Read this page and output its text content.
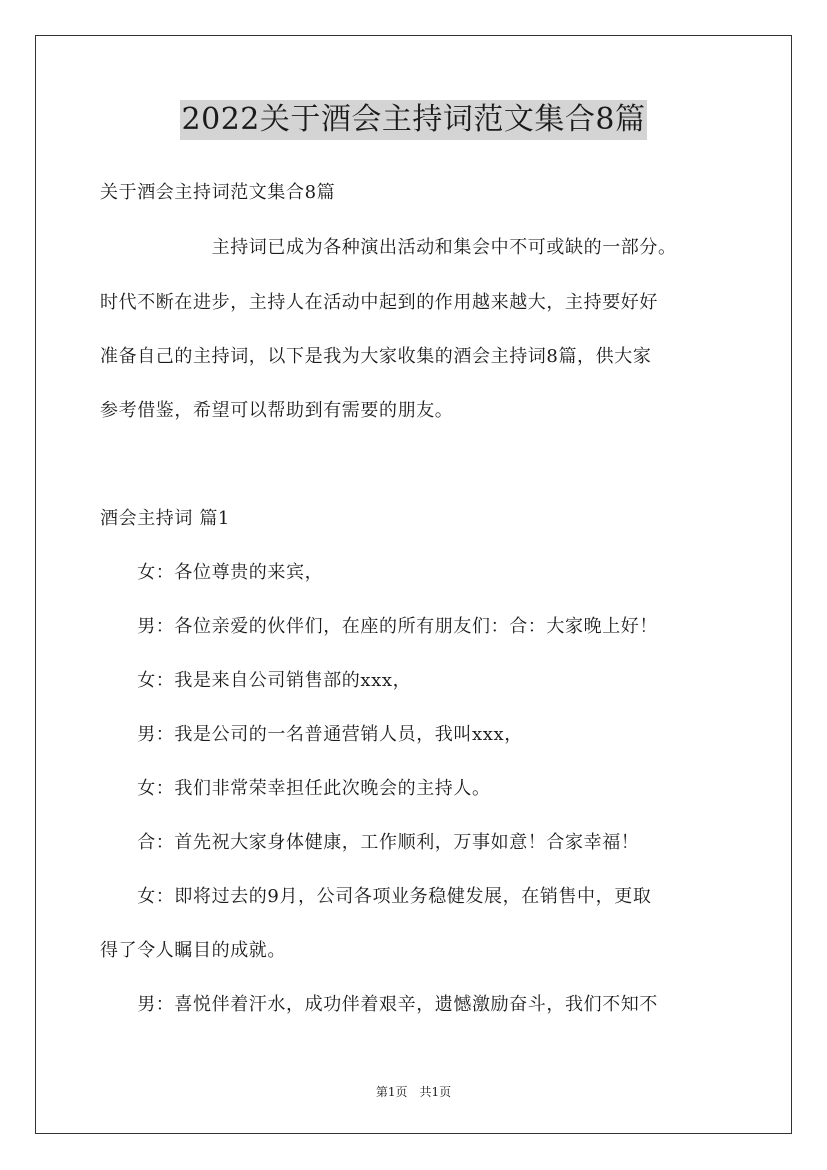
2022关于酒会主持词范文集合8篇
关于酒会主持词范文集合8篇
　　　　　　主持词已成为各种演出活动和集会中不可或缺的一部分。
时代不断在进步，主持人在活动中起到的作用越来越大，主持要好好
准备自己的主持词，以下是我为大家收集的酒会主持词8篇，供大家
参考借鉴，希望可以帮助到有需要的朋友。
酒会主持词 篇1
　　女：各位尊贵的来宾，
　　男：各位亲爱的伙伴们，在座的所有朋友们：合：大家晚上好！
　　女：我是来自公司销售部的xxx，
　　男：我是公司的一名普通营销人员，我叫xxx，
　　女：我们非常荣幸担任此次晚会的主持人。
　　合：首先祝大家身体健康，工作顺利，万事如意！合家幸福！
　　女：即将过去的9月，公司各项业务稳健发展，在销售中，更取
得了令人瞩目的成就。
　　男：喜悦伴着汗水，成功伴着艰辛，遗憾激励奋斗，我们不知不
第1页　共1页
